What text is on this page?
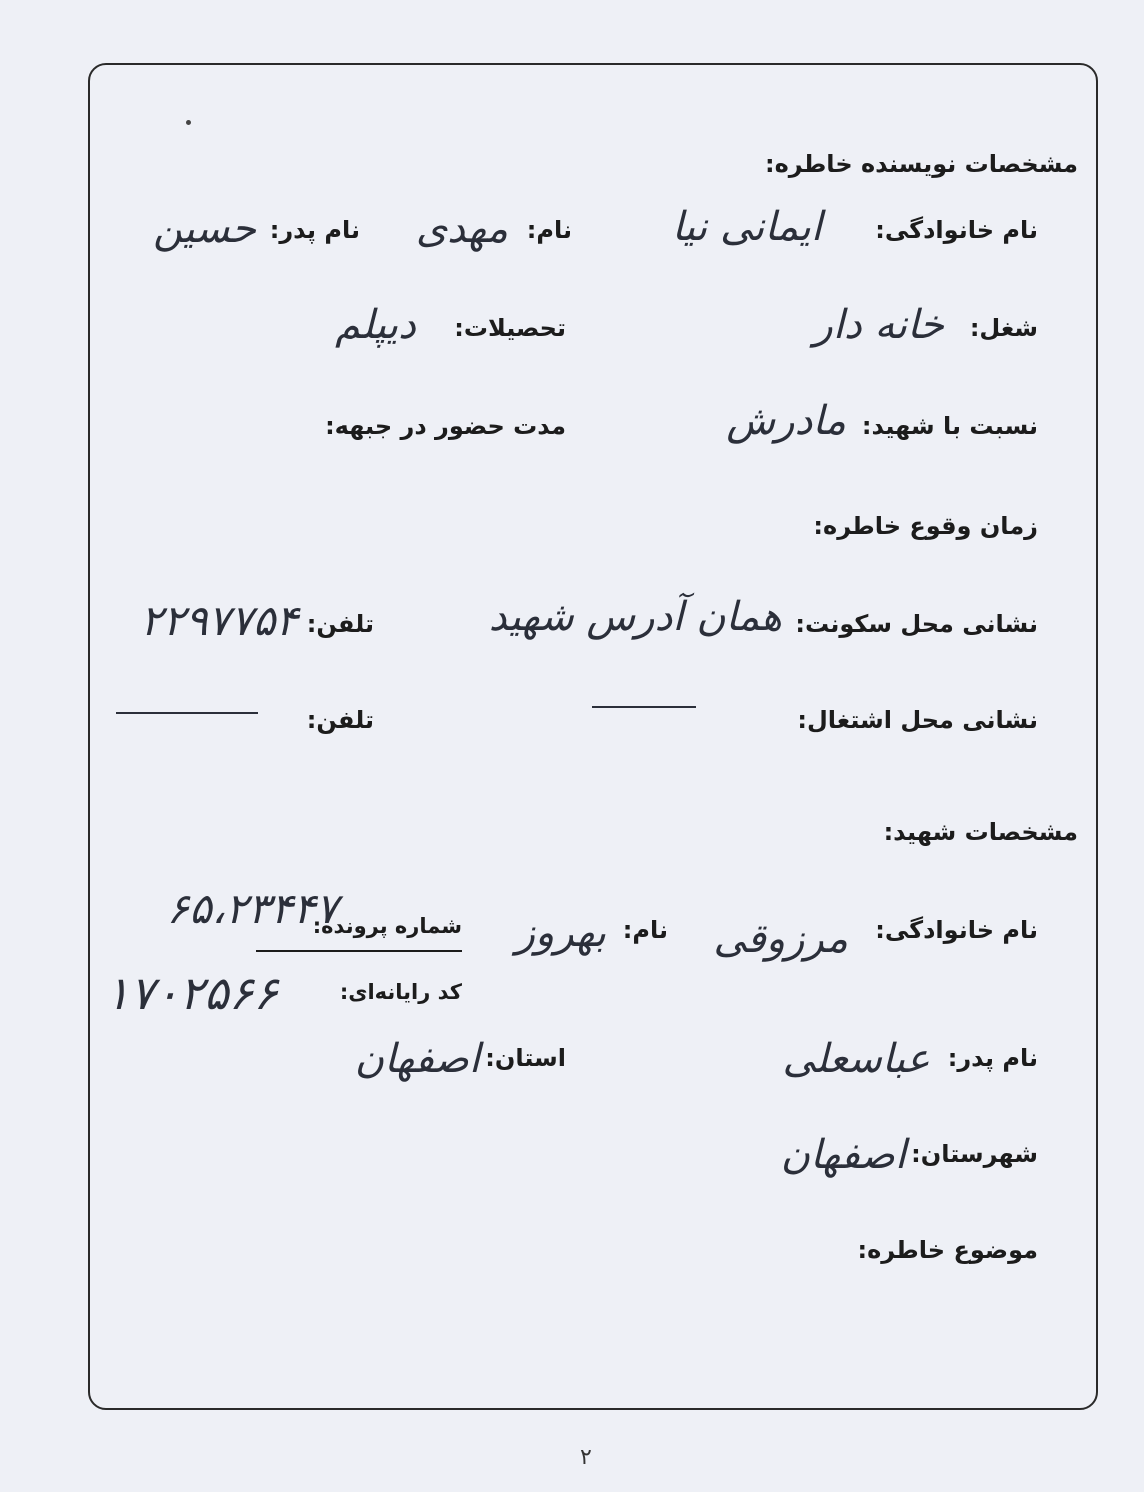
مشخصات نویسنده خاطره:
نام خانوادگی:
ایمانی نیا
نام:
مهدی
نام پدر:
حسین
شغل:
خانه دار
تحصیلات:
دیپلم
نسبت با شهید:
مادرش
مدت حضور در جبهه:
زمان وقوع خاطره:
نشانی محل سکونت:
همان آدرس شهید
تلفن:
۲۲۹۷۷۵۴
نشانی محل اشتغال:
تلفن:
مشخصات شهید:
نام خانوادگی:
مرزوقی
نام:
بهروز
شماره پرونده:
۶۵،۲۳۴۴۷
کد رایانه‌ای:
۱۷۰۲۵۶۶
نام پدر:
عباسعلی
استان:
اصفهان
شهرستان:
اصفهان
موضوع خاطره:
۲
